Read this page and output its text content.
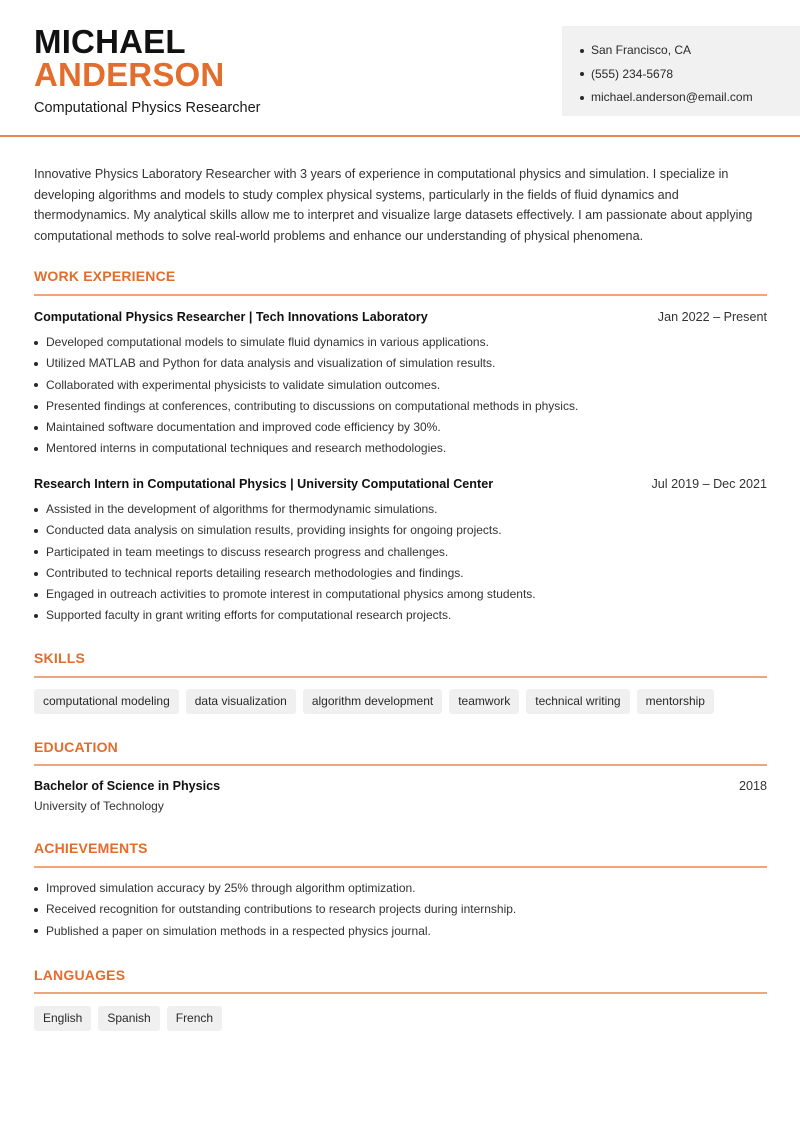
MICHAEL
ANDERSON
Computational Physics Researcher
San Francisco, CA
(555) 234-5678
michael.anderson@email.com
Innovative Physics Laboratory Researcher with 3 years of experience in computational physics and simulation. I specialize in developing algorithms and models to study complex physical systems, particularly in the fields of fluid dynamics and thermodynamics. My analytical skills allow me to interpret and visualize large datasets effectively. I am passionate about applying computational methods to solve real-world problems and enhance our understanding of physical phenomena.
WORK EXPERIENCE
Computational Physics Researcher | Tech Innovations Laboratory	Jan 2022 – Present
Developed computational models to simulate fluid dynamics in various applications.
Utilized MATLAB and Python for data analysis and visualization of simulation results.
Collaborated with experimental physicists to validate simulation outcomes.
Presented findings at conferences, contributing to discussions on computational methods in physics.
Maintained software documentation and improved code efficiency by 30%.
Mentored interns in computational techniques and research methodologies.
Research Intern in Computational Physics | University Computational Center	Jul 2019 – Dec 2021
Assisted in the development of algorithms for thermodynamic simulations.
Conducted data analysis on simulation results, providing insights for ongoing projects.
Participated in team meetings to discuss research progress and challenges.
Contributed to technical reports detailing research methodologies and findings.
Engaged in outreach activities to promote interest in computational physics among students.
Supported faculty in grant writing efforts for computational research projects.
SKILLS
computational modeling	data visualization	algorithm development	teamwork	technical writing	mentorship
EDUCATION
Bachelor of Science in Physics	2018
University of Technology
ACHIEVEMENTS
Improved simulation accuracy by 25% through algorithm optimization.
Received recognition for outstanding contributions to research projects during internship.
Published a paper on simulation methods in a respected physics journal.
LANGUAGES
English	Spanish	French
